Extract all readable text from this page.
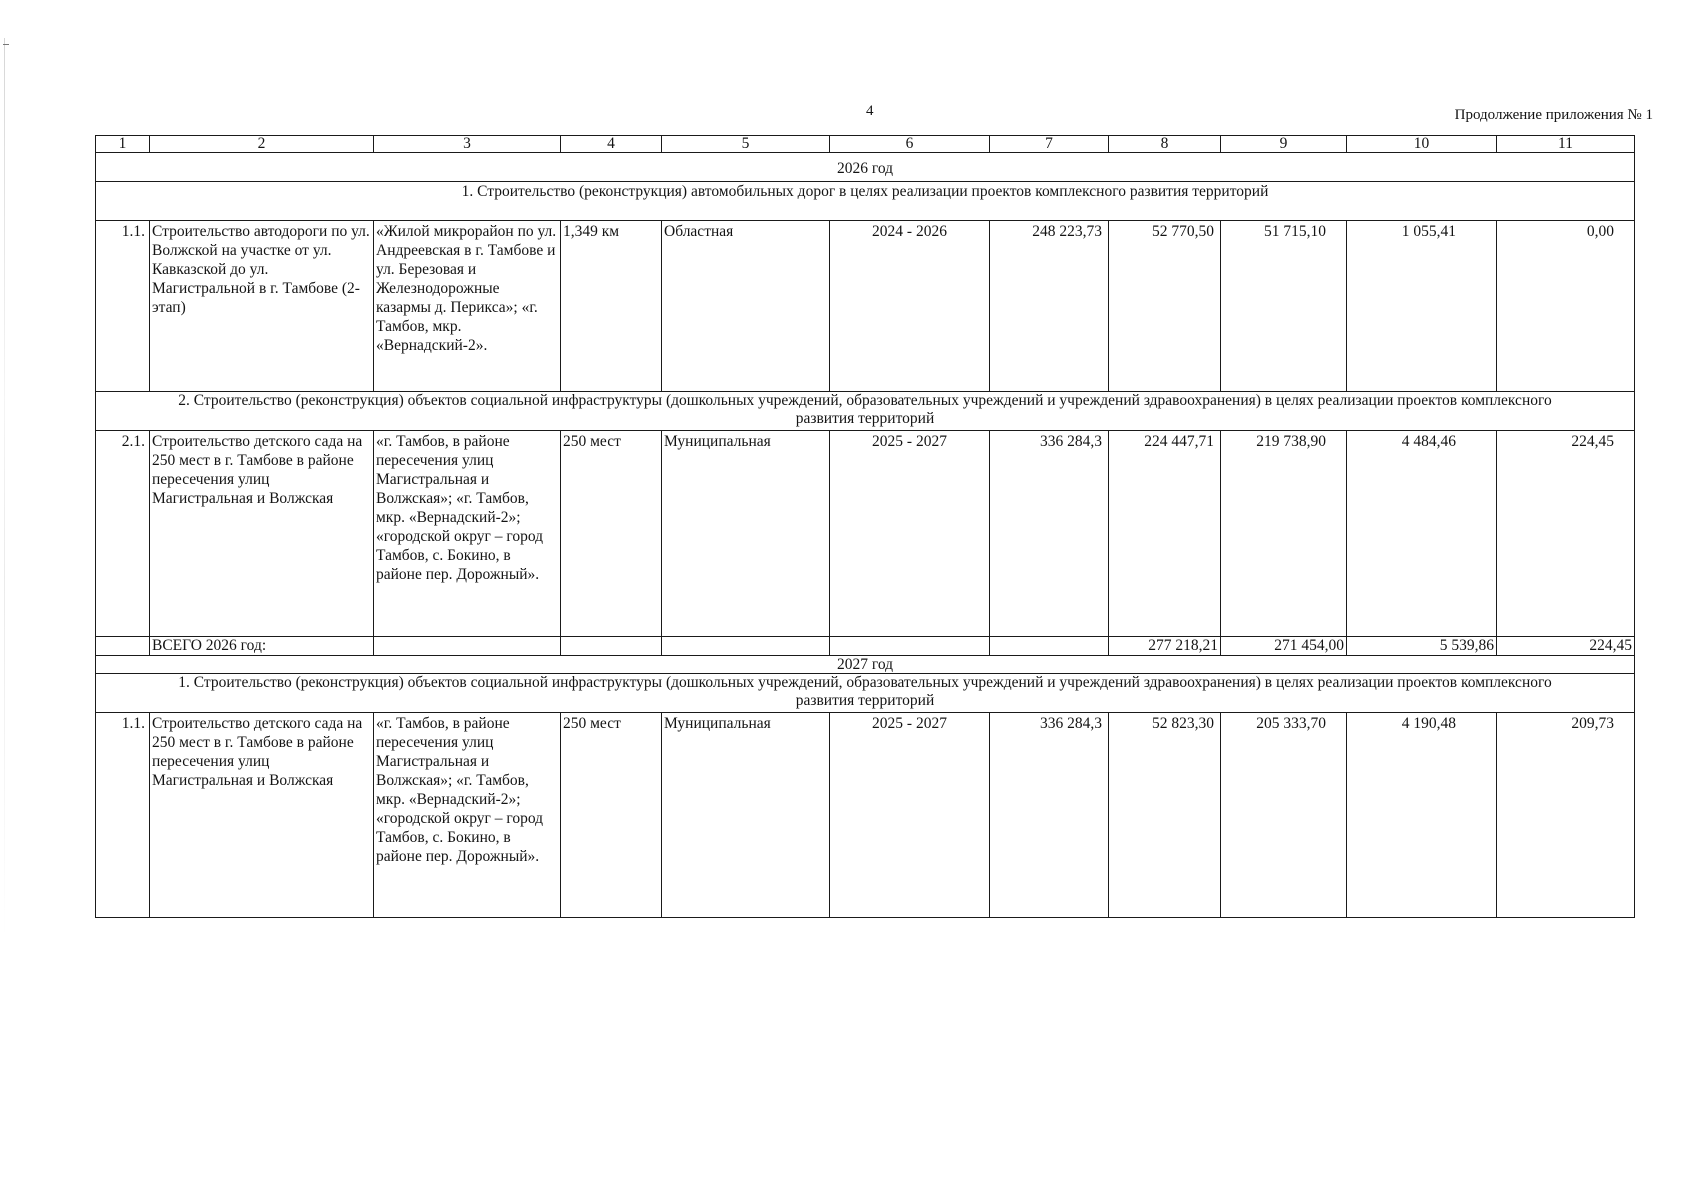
4	Продолжение приложения № 1
1	2	3	4	5	6	7	8	9	10	11
2026 год										
1. Строительство (реконструкция) автомобильных дорог в целях реализации проектов комплексного развития территорий										
1.1.	Строительство автодороги по ул. Волжской на участке от ул. Кавказской до ул. Магистральной в г. Тамбове (2-этап)	«Жилой микрорайон по ул. Андреевская в г. Тамбове и ул. Березовая и Железнодорожные казармы д. Перикса»; «г. Тамбов, мкр. «Вернадский-2».	1,349 км	Областная	2024 - 2026	248 223,73	52 770,50	51 715,10	1 055,41	0,00
2. Строительство (реконструкция) объектов социальной инфраструктуры (дошкольных учреждений, образовательных учреждений и учреждений здравоохранения) в целях реализации проектов комплексного развития территорий										
2.1.	Строительство детского сада на 250 мест в г. Тамбове в районе пересечения улиц Магистральная и Волжская	«г. Тамбов, в районе пересечения улиц Магистральная и Волжская»; «г. Тамбов, мкр. «Вернадский-2»; «городской округ – город Тамбов, с. Бокино, в районе пер. Дорожный».	250 мест	Муниципальная	2025 - 2027	336 284,3	224 447,71	219 738,90	4 484,46	224,45
	ВСЕГО 2026 год:						277 218,21	271 454,00	5 539,86	224,45
2027 год										
1. Строительство (реконструкция) объектов социальной инфраструктуры (дошкольных учреждений, образовательных учреждений и учреждений здравоохранения) в целях реализации проектов комплексного развития территорий										
1.1.	Строительство детского сада на 250 мест в г. Тамбове в районе пересечения улиц Магистральная и Волжская	«г. Тамбов, в районе пересечения улиц Магистральная и Волжская»; «г. Тамбов, мкр. «Вернадский-2»; «городской округ – город Тамбов, с. Бокино, в районе пер. Дорожный».	250 мест	Муниципальная	2025 - 2027	336 284,3	52 823,30	205 333,70	4 190,48	209,73
